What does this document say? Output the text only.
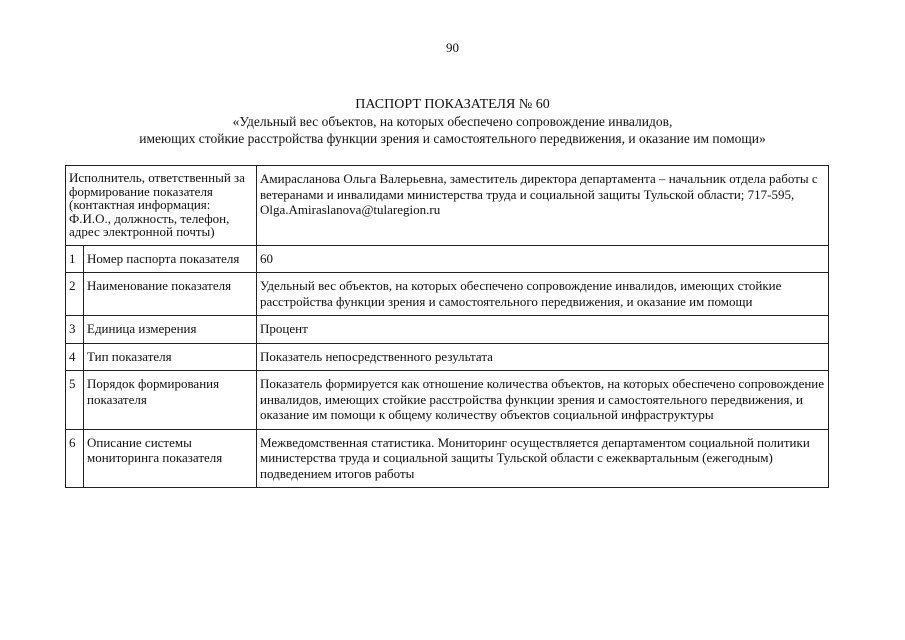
90
ПАСПОРТ ПОКАЗАТЕЛЯ № 60
«Удельный вес объектов, на которых обеспечено сопровождение инвалидов,
имеющих стойкие расстройства функции зрения и самостоятельного передвижения, и оказание им помощи»
Исполнитель, ответственный за формирование показателя (контактная информация: Ф.И.О., должность, телефон, адрес электронной почты)		Амирасланова Ольга Валерьевна, заместитель директора департамента – начальник отдела работы с ветеранами и инвалидами министерства труда и социальной защиты Тульской области; 717-595, Olga.Amiraslanova@tularegion.ru
1	Номер паспорта показателя	60
2	Наименование показателя	Удельный вес объектов, на которых обеспечено сопровождение инвалидов, имеющих стойкие расстройства функции зрения и самостоятельного передвижения, и оказание им помощи
3	Единица измерения	Процент
4	Тип показателя	Показатель непосредственного результата
5	Порядок формирования показателя	Показатель формируется как отношение количества объектов, на которых обеспечено сопровождение инвалидов, имеющих стойкие расстройства функции зрения и самостоятельного передвижения, и оказание им помощи к общему количеству объектов социальной инфраструктуры
6	Описание системы мониторинга показателя	Межведомственная статистика. Мониторинг осуществляется департаментом социальной политики министерства труда и социальной защиты Тульской области с ежеквартальным (ежегодным) подведением итогов работы
